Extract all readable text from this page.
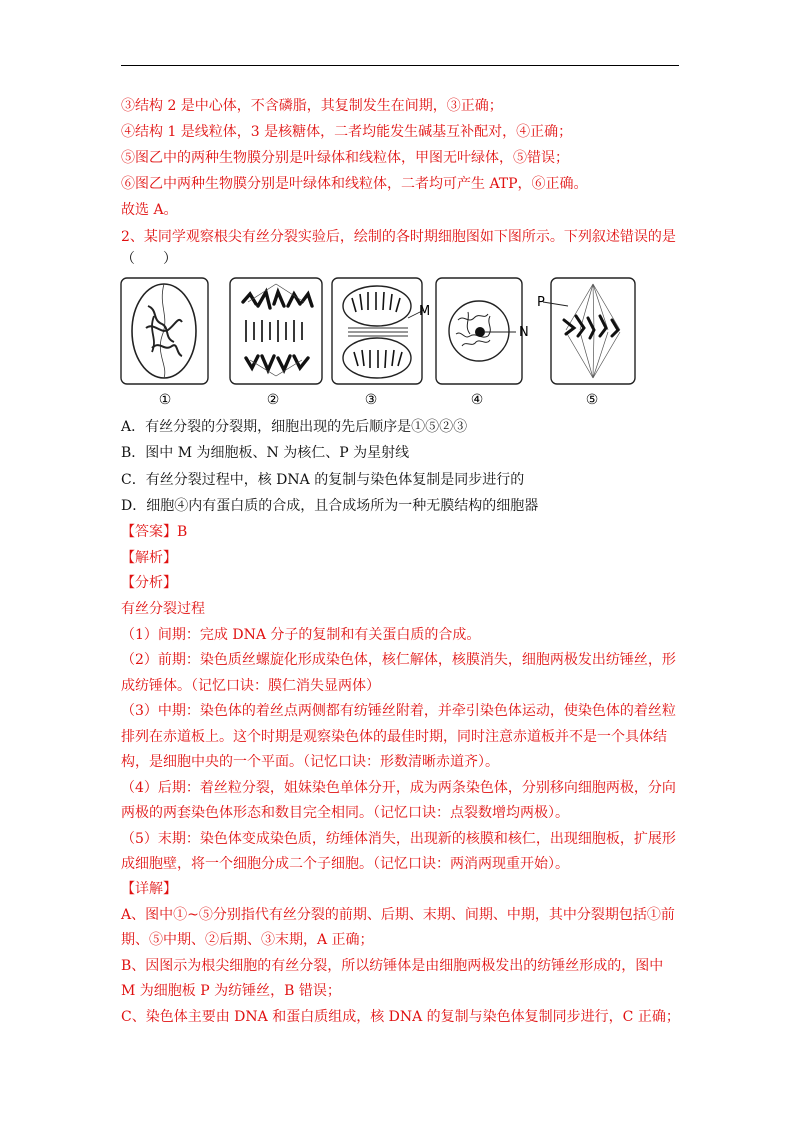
③结构 2 是中心体，不含磷脂，其复制发生在间期，③正确；
④结构 1 是线粒体，3 是核糖体，二者均能发生碱基互补配对，④正确；
⑤图乙中的两种生物膜分别是叶绿体和线粒体，甲图无叶绿体，⑤错误；
⑥图乙中两种生物膜分别是叶绿体和线粒体，二者均可产生 ATP，⑥正确。
故选 A。
2、某同学观察根尖有丝分裂实验后，绘制的各时期细胞图如下图所示。下列叙述错误的是
（　　）
M
N
P
①	②	③	④	⑤
A．有丝分裂的分裂期，细胞出现的先后顺序是①⑤②③
B．图中 M 为细胞板、N 为核仁、P 为星射线
C．有丝分裂过程中，核 DNA 的复制与染色体复制是同步进行的
D．细胞④内有蛋白质的合成，且合成场所为一种无膜结构的细胞器
【答案】B
【解析】
【分析】
有丝分裂过程
（1）间期：完成 DNA 分子的复制和有关蛋白质的合成。
（2）前期：染色质丝螺旋化形成染色体，核仁解体，核膜消失，细胞两极发出纺锤丝，形
成纺锤体。（记忆口诀：膜仁消失显两体）
（3）中期：染色体的着丝点两侧都有纺锤丝附着，并牵引染色体运动，使染色体的着丝粒
排列在赤道板上。这个时期是观察染色体的最佳时期，同时注意赤道板并不是一个具体结
构，是细胞中央的一个平面。（记忆口诀：形数清晰赤道齐）。
（4）后期：着丝粒分裂，姐妹染色单体分开，成为两条染色体，分别移向细胞两极，分向
两极的两套染色体形态和数目完全相同。（记忆口诀：点裂数增均两极）。
（5）末期：染色体变成染色质，纺缍体消失，出现新的核膜和核仁，出现细胞板，扩展形
成细胞壁，将一个细胞分成二个子细胞。（记忆口诀：两消两现重开始）。
【详解】
A、图中①~⑤分别指代有丝分裂的前期、后期、末期、间期、中期，其中分裂期包括①前
期、⑤中期、②后期、③末期，A 正确；
B、因图示为根尖细胞的有丝分裂，所以纺锤体是由细胞两极发出的纺锤丝形成的，图中
M 为细胞板 P 为纺锤丝，B 错误；
C、染色体主要由 DNA 和蛋白质组成，核 DNA 的复制与染色体复制同步进行，C 正确；
